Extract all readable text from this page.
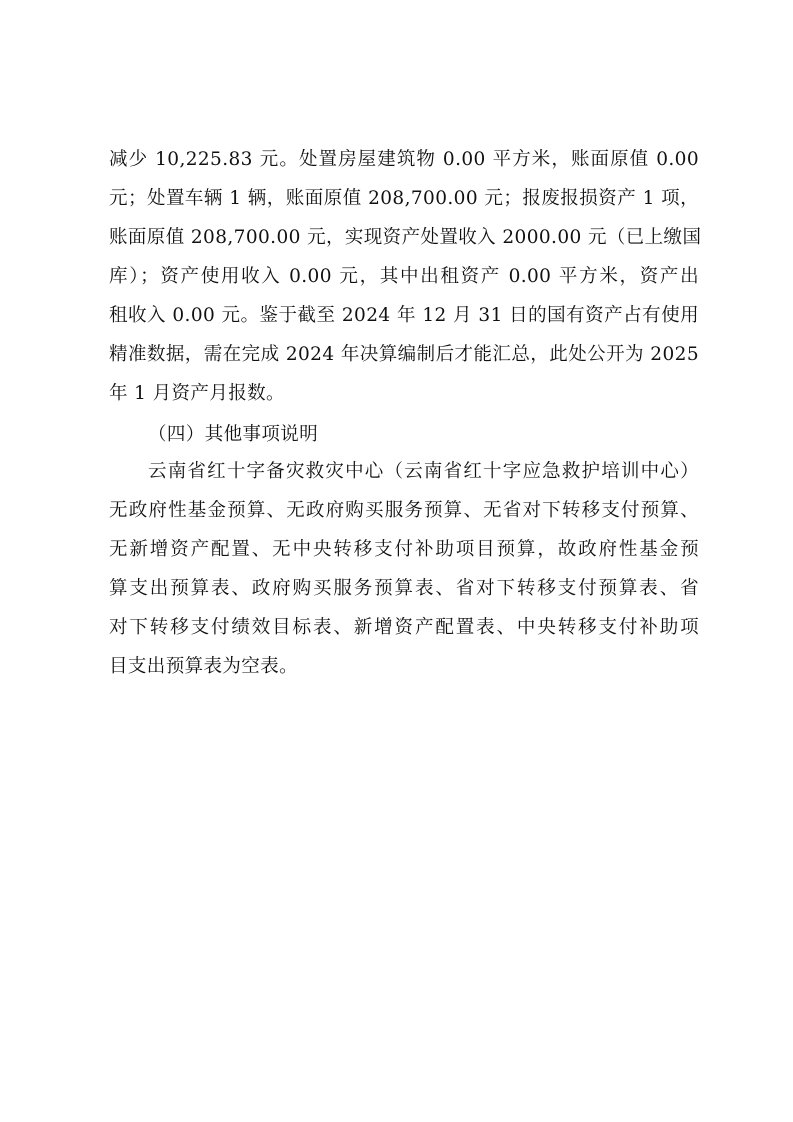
减少 10,225.83 元。处置房屋建筑物 0.00 平方米，账面原值 0.00
元；处置车辆 1 辆，账面原值 208,700.00 元；报废报损资产 1 项，
账面原值 208,700.00 元，实现资产处置收入 2000.00 元（已上缴国
库）；资产使用收入 0.00 元，其中出租资产 0.00 平方米，资产出
租收入 0.00 元。鉴于截至 2024 年 12 月 31 日的国有资产占有使用
精准数据，需在完成 2024 年决算编制后才能汇总，此处公开为 2025
年 1 月资产月报数。
（四）其他事项说明
云南省红十字备灾救灾中心（云南省红十字应急救护培训中心）
无政府性基金预算、无政府购买服务预算、无省对下转移支付预算、
无新增资产配置、无中央转移支付补助项目预算，故政府性基金预
算支出预算表、政府购买服务预算表、省对下转移支付预算表、省
对下转移支付绩效目标表、新增资产配置表、中央转移支付补助项
目支出预算表为空表。
